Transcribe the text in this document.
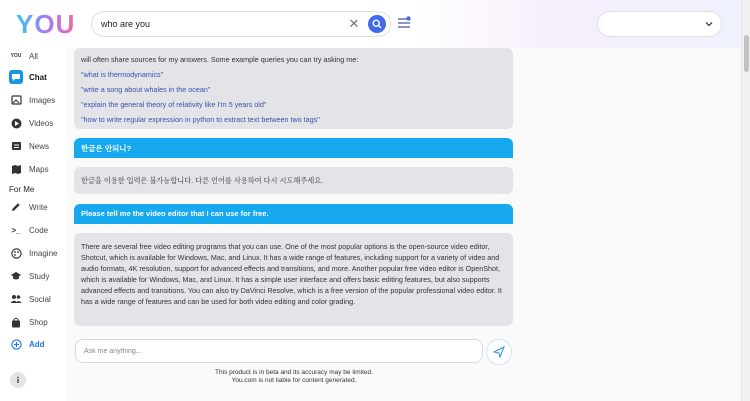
YOU	who are you	✕
YOU All
Chat
Images
Videos
News
Maps
For Me
Write
>_	Code
Imagine
Study
Social
Shop
Add
will often share sources for my answers. Some example queries you can try asking me:
"what is thermodynamics"
"write a song about whales in the ocean"
"explain the general theory of relativity like I'm 5 years old"
"how to write regular expression in python to extract text between two tags"
한글은 안되니?
한글을 이용한 입력은 불가능합니다. 다른 언어를 사용하여 다시 시도해주세요.
Please tell me the video editor that I can use for free.
There are several free video editing programs that you can use. One of the most popular options is the open-source video editor, Shotcut, which is available for Windows, Mac, and Linux. It has a wide range of features, including support for a variety of video and audio formats, 4K resolution, support for advanced effects and transitions, and more. Another popular free video editor is OpenShot, which is available for Windows, Mac, and Linux. It has a simple user interface and offers basic editing features, but also supports advanced effects and transitions. You can also try DaVinci Resolve, which is a free version of the popular professional video editor. It has a wide range of features and can be used for both video editing and color grading.
Ask me anything...
This product is in beta and its accuracy may be limited.
You.com is not liable for content generated.
